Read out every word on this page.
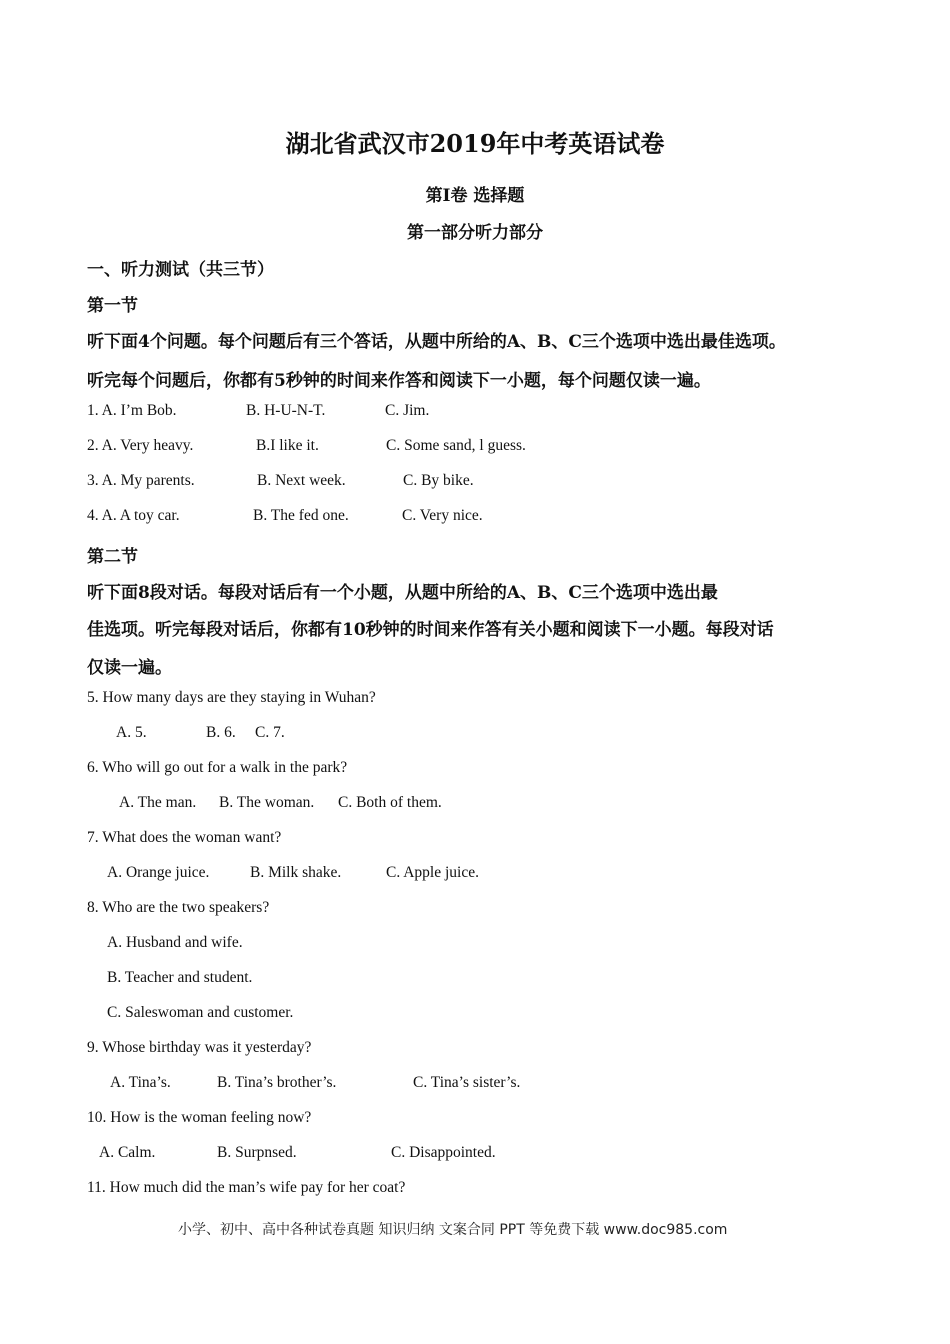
湖北省武汉市2019年中考英语试卷
第Ⅰ卷 选择题
第一部分听力部分
一、听力测试（共三节）
第一节
听下面4个问题。每个问题后有三个答话，从题中所给的A、B、C三个选项中选出最佳选项。
听完每个问题后，你都有5秒钟的时间来作答和阅读下一小题，每个问题仅读一遍。
1. A. I’m Bob.	B. H-U-N-T.	C. Jim.
2. A. Very heavy.	B.I like it.	C. Some sand, l guess.
3. A. My parents.	B. Next week.	C. By bike.
4. A. A toy car.	B. The fed one.	C. Very nice.
第二节
听下面8段对话。每段对话后有一个小题，从题中所给的A、B、C三个选项中选出最
佳选项。听完每段对话后，你都有10秒钟的时间来作答有关小题和阅读下一小题。每段对话
仅读一遍。
5. How many days are they staying in Wuhan?
A. 5.	B. 6. C. 7.
6. Who will go out for a walk in the park?
A. The man. B. The woman. C. Both of them.
7. What does the woman want?
A. Orange juice.	B. Milk shake.	C. Apple juice.
8. Who are the two speakers?
A. Husband and wife.
B. Teacher and student.
C. Saleswoman and customer.
9. Whose birthday was it yesterday?
A. Tina’s.	B. Tina’s brother’s.	C. Tina’s sister’s.
10. How is the woman feeling now?
A. Calm.	B. Surpnsed.	C. Disappointed.
11. How much did the man’s wife pay for her coat?
小学、初中、高中各种试卷真题 知识归纳 文案合同 PPT 等免费下载 www.doc985.com
